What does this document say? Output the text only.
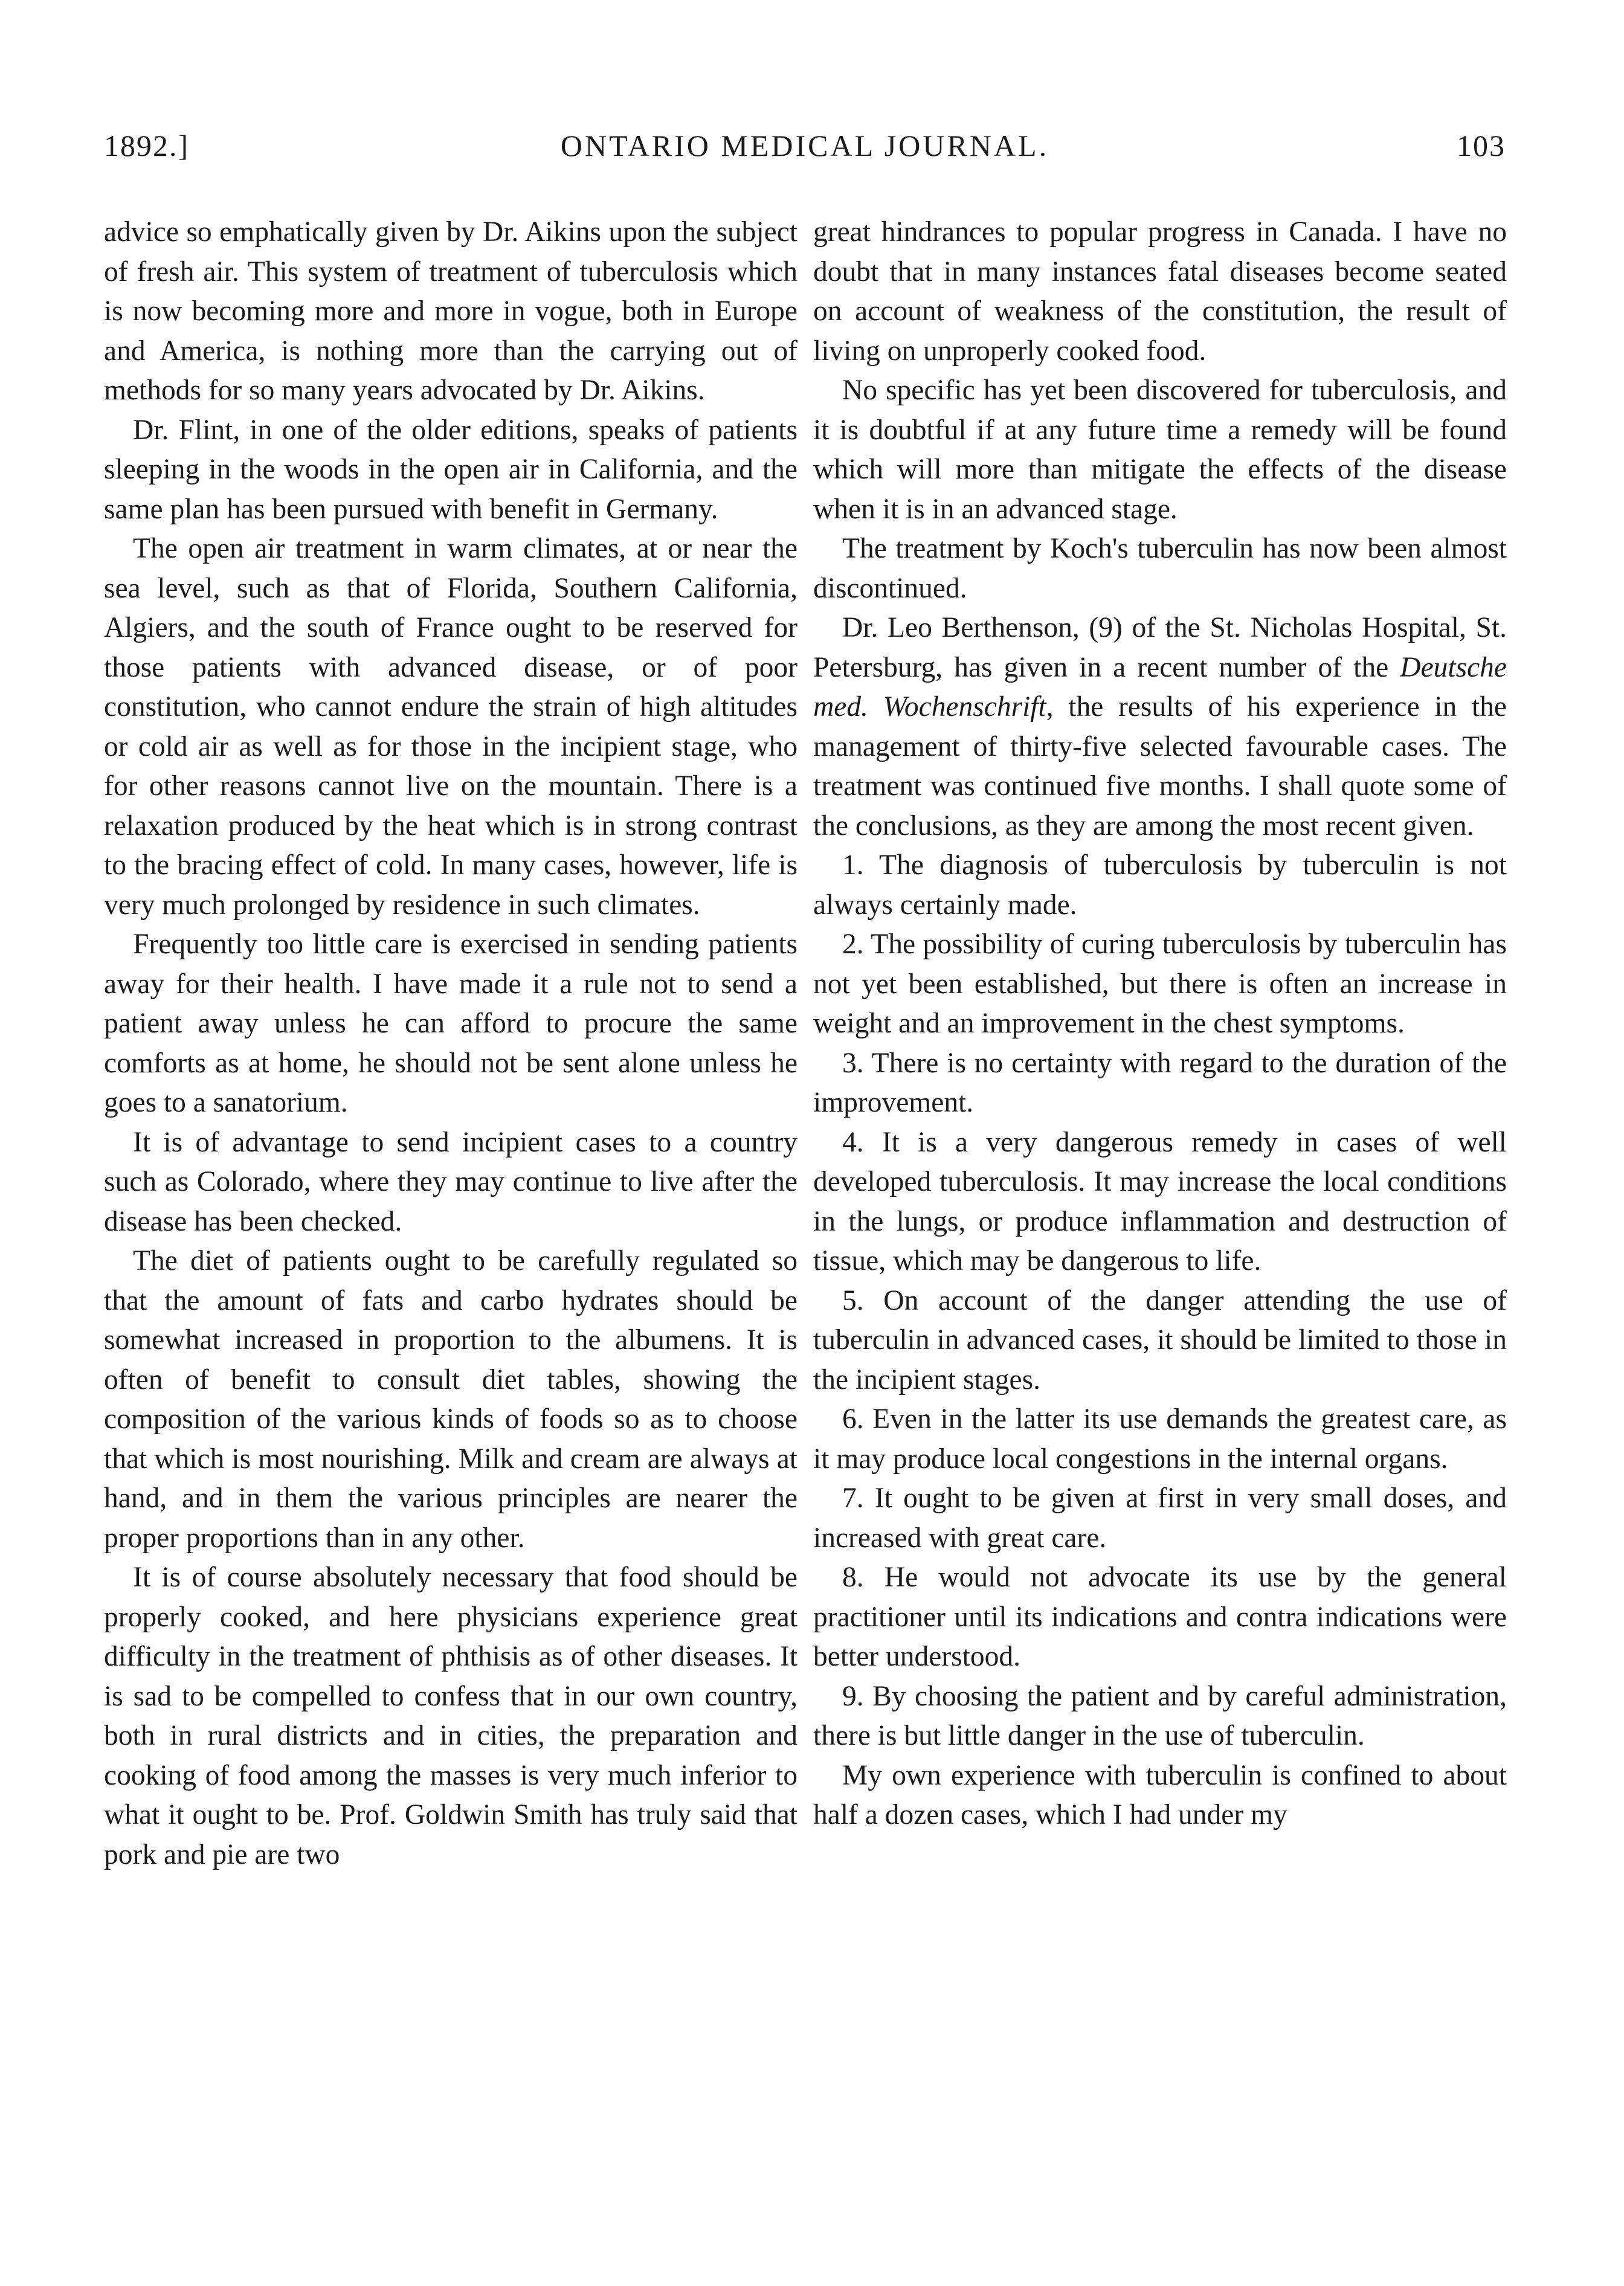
1892.]	ONTARIO MEDICAL JOURNAL.	103

advice so emphatically given by Dr. Aikins upon the subject of fresh air. This system of treatment of tuberculosis which is now becoming more and more in vogue, both in Europe and America, is nothing more than the carrying out of methods for so many years advocated by Dr. Aikins.

Dr. Flint, in one of the older editions, speaks of patients sleeping in the woods in the open air in California, and the same plan has been pursued with benefit in Germany.

The open air treatment in warm climates, at or near the sea level, such as that of Florida, Southern California, Algiers, and the south of France ought to be reserved for those patients with advanced disease, or of poor constitution, who cannot endure the strain of high altitudes or cold air as well as for those in the incipient stage, who for other reasons cannot live on the mountain. There is a relaxation produced by the heat which is in strong contrast to the bracing effect of cold. In many cases, however, life is very much prolonged by residence in such climates.

Frequently too little care is exercised in sending patients away for their health. I have made it a rule not to send a patient away unless he can afford to procure the same comforts as at home, he should not be sent alone unless he goes to a sanatorium.

It is of advantage to send incipient cases to a country such as Colorado, where they may continue to live after the disease has been checked.

The diet of patients ought to be carefully regulated so that the amount of fats and carbo hydrates should be somewhat increased in proportion to the albumens. It is often of benefit to consult diet tables, showing the composition of the various kinds of foods so as to choose that which is most nourishing. Milk and cream are always at hand, and in them the various principles are nearer the proper proportions than in any other.

It is of course absolutely necessary that food should be properly cooked, and here physicians experience great difficulty in the treatment of phthisis as of other diseases. It is sad to be compelled to confess that in our own country, both in rural districts and in cities, the preparation and cooking of food among the masses is very much inferior to what it ought to be. Prof. Goldwin Smith has truly said that pork and pie are two

great hindrances to popular progress in Canada. I have no doubt that in many instances fatal diseases become seated on account of weakness of the constitution, the result of living on unproperly cooked food.

No specific has yet been discovered for tuberculosis, and it is doubtful if at any future time a remedy will be found which will more than mitigate the effects of the disease when it is in an advanced stage.

The treatment by Koch's tuberculin has now been almost discontinued.

Dr. Leo Berthenson, (9) of the St. Nicholas Hospital, St. Petersburg, has given in a recent number of the Deutsche med. Wochenschrift, the results of his experience in the management of thirty-five selected favourable cases. The treatment was continued five months. I shall quote some of the conclusions, as they are among the most recent given.

1. The diagnosis of tuberculosis by tuberculin is not always certainly made.

2. The possibility of curing tuberculosis by tuberculin has not yet been established, but there is often an increase in weight and an improvement in the chest symptoms.

3. There is no certainty with regard to the duration of the improvement.

4. It is a very dangerous remedy in cases of well developed tuberculosis. It may increase the local conditions in the lungs, or produce inflammation and destruction of tissue, which may be dangerous to life.

5. On account of the danger attending the use of tuberculin in advanced cases, it should be limited to those in the incipient stages.

6. Even in the latter its use demands the greatest care, as it may produce local congestions in the internal organs.

7. It ought to be given at first in very small doses, and increased with great care.

8. He would not advocate its use by the general practitioner until its indications and contra indications were better understood.

9. By choosing the patient and by careful administration, there is but little danger in the use of tuberculin.

My own experience with tuberculin is confined to about half a dozen cases, which I had under my
